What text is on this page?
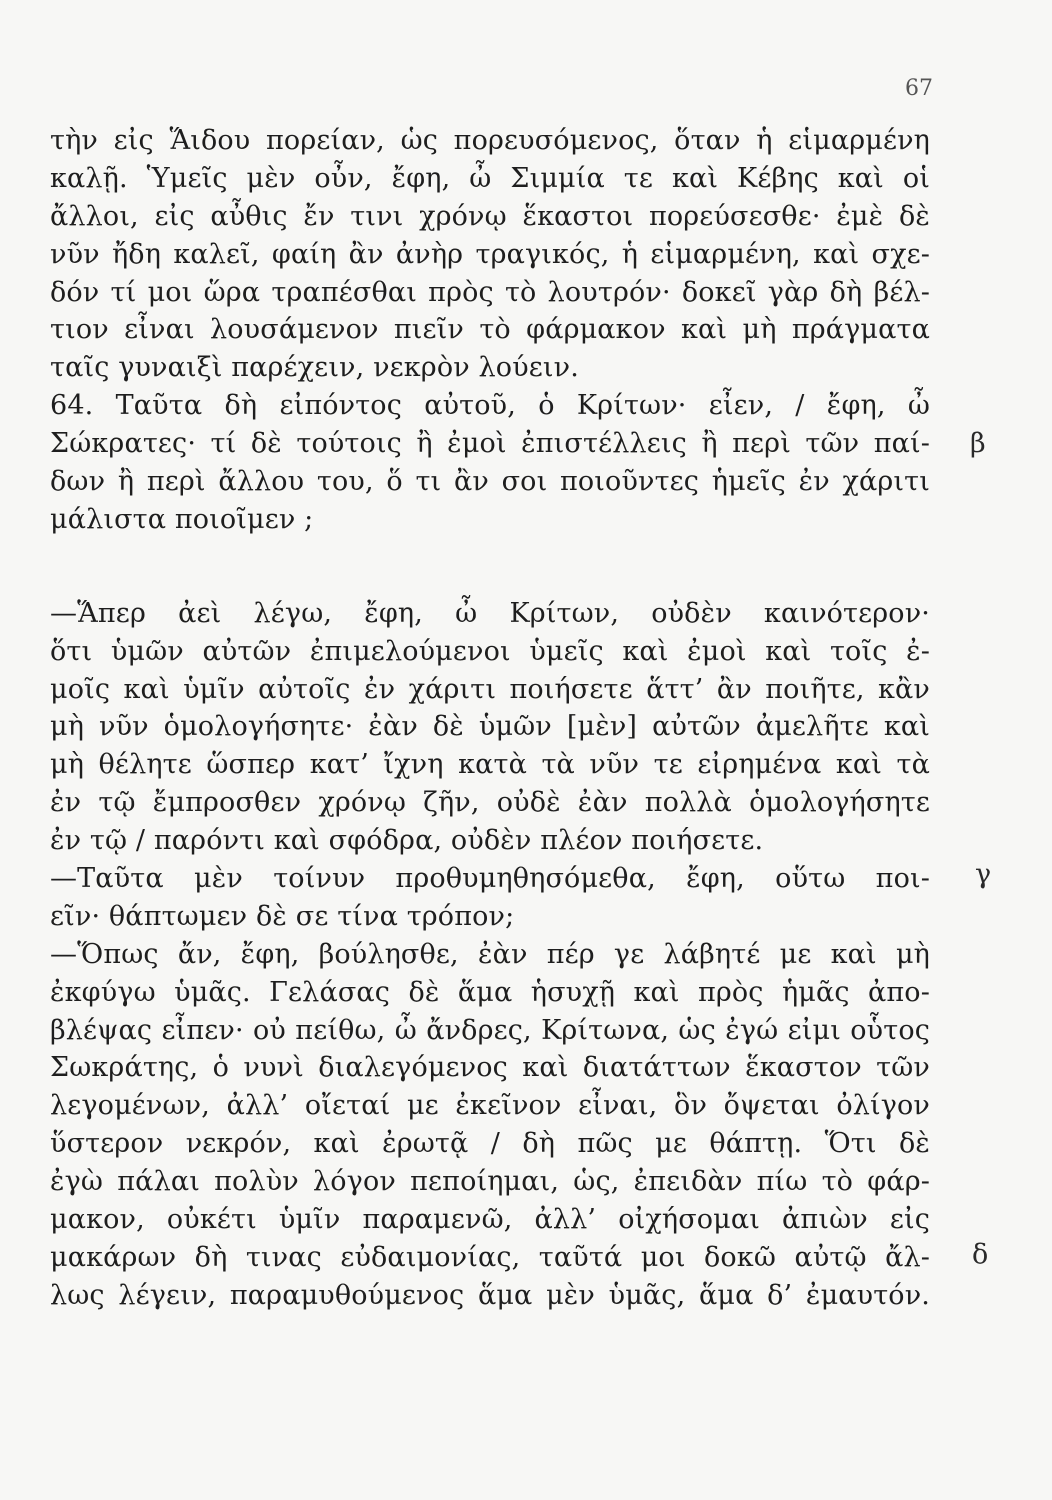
67
τὴν εἰς Ἅιδου πορείαν, ὡς πορευσόμενος, ὅταν ἡ εἱμαρμένη
καλῇ. Ὑμεῖς μὲν οὖν, ἔφη, ὦ Σιμμία τε καὶ Κέβης καὶ οἱ
ἄλλοι, εἰς αὖθις ἔν τινι χρόνῳ ἕκαστοι πορεύσεσθε· ἐμὲ δὲ
νῦν ἤδη καλεῖ, φαίη ἂν ἀνὴρ τραγικός, ἡ εἱμαρμένη, καὶ σχε-
δόν τί μοι ὥρα τραπέσθαι πρὸς τὸ λουτρόν· δοκεῖ γὰρ δὴ βέλ-
τιον εἶναι λουσάμενον πιεῖν τὸ φάρμακον καὶ μὴ πράγματα
ταῖς γυναιξὶ παρέχειν, νεκρὸν λούειν.
64. Ταῦτα δὴ εἰπόντος αὐτοῦ, ὁ Κρίτων· εἶεν, / ἔφη, ὦ
Σώκρατες· τί δὲ τούτοις ἢ ἐμοὶ ἐπιστέλλεις ἢ περὶ τῶν παί-
δων ἢ περὶ ἄλλου του, ὅ τι ἂν σοι ποιοῦντες ἡμεῖς ἐν χάριτι
μάλιστα ποιοῖμεν ;
—Ἅπερ ἀεὶ λέγω, ἔφη, ὦ Κρίτων, οὐδὲν καινότερον·
ὅτι ὑμῶν αὐτῶν ἐπιμελούμενοι ὑμεῖς καὶ ἐμοὶ καὶ τοῖς ἐ-
μοῖς καὶ ὑμῖν αὐτοῖς ἐν χάριτι ποιήσετε ἅττ’ ἂν ποιῆτε, κἂν
μὴ νῦν ὁμολογήσητε· ἐὰν δὲ ὑμῶν [μὲν] αὐτῶν ἀμελῆτε καὶ
μὴ θέλητε ὥσπερ κατ’ ἴχνη κατὰ τὰ νῦν τε εἰρημένα καὶ τὰ
ἐν τῷ ἔμπροσθεν χρόνῳ ζῆν, οὐδὲ ἐὰν πολλὰ ὁμολογήσητε
ἐν τῷ / παρόντι καὶ σφόδρα, οὐδὲν πλέον ποιήσετε.
—Ταῦτα μὲν τοίνυν προθυμηθησόμεθα, ἔφη, οὕτω ποι-
εῖν· θάπτωμεν δὲ σε τίνα τρόπον;
—Ὅπως ἄν, ἔφη, βούλησθε, ἐὰν πέρ γε λάβητέ με καὶ μὴ
ἐκφύγω ὑμᾶς. Γελάσας δὲ ἅμα ἡσυχῇ καὶ πρὸς ἡμᾶς ἀπο-
βλέψας εἶπεν· οὐ πείθω, ὦ ἄνδρες, Κρίτωνα, ὡς ἐγώ εἰμι οὗτος
Σωκράτης, ὁ νυνὶ διαλεγόμενος καὶ διατάττων ἕκαστον τῶν
λεγομένων, ἀλλ’ οἴεταί με ἐκεῖνον εἶναι, ὃν ὄψεται ὀλίγον
ὕστερον νεκρόν, καὶ ἐρωτᾷ / δὴ πῶς με θάπτῃ. Ὅτι δὲ
ἐγὼ πάλαι πολὺν λόγον πεποίημαι, ὡς, ἐπειδὰν πίω τὸ φάρ-
μακον, οὐκέτι ὑμῖν παραμενῶ, ἀλλ’ οἰχήσομαι ἀπιὼν εἰς
μακάρων δὴ τινας εὐδαιμονίας, ταῦτά μοι δοκῶ αὐτῷ ἄλ-
λως λέγειν, παραμυθούμενος ἅμα μὲν ὑμᾶς, ἅμα δ’ ἐμαυτόν.
β
γ
δ
